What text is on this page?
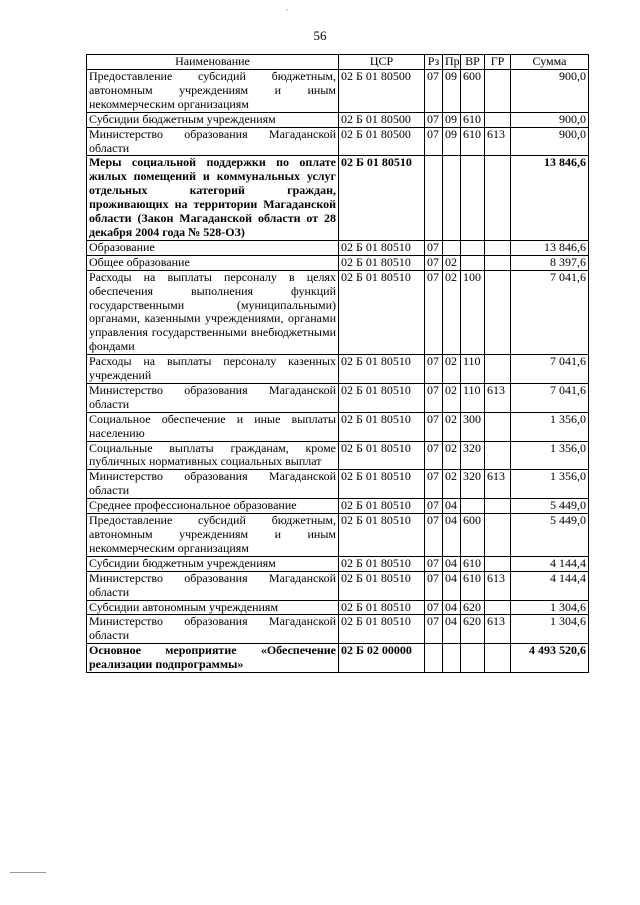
ˋ
56
Наименование	ЦСР	Рз	Пр	ВР	ГР	Сумма
Предоставление субсидий бюджетным, автономным учреждениям и иным некоммерческим организациям	02 Б 01 80500	07	09	600		900,0
Субсидии бюджетным учреждениям	02 Б 01 80500	07	09	610		900,0
Министерство образования Магаданской области	02 Б 01 80500	07	09	610	613	900,0
Меры социальной поддержки по оплате жилых помещений и коммунальных услуг отдельных категорий граждан, проживающих на территории Магаданской области (Закон Магаданской области от 28 декабря 2004 года № 528-ОЗ)	02 Б 01 80510					13 846,6
Образование	02 Б 01 80510	07				13 846,6
Общее образование	02 Б 01 80510	07	02			8 397,6
Расходы на выплаты персоналу в целях обеспечения выполнения функций государственными (муниципальными) органами, казенными учреждениями, органами управления государственными внебюджетными фондами	02 Б 01 80510	07	02	100		7 041,6
Расходы на выплаты персоналу казенных учреждений	02 Б 01 80510	07	02	110		7 041,6
Министерство образования Магаданской области	02 Б 01 80510	07	02	110	613	7 041,6
Социальное обеспечение и иные выплаты населению	02 Б 01 80510	07	02	300		1 356,0
Социальные выплаты гражданам, кроме публичных нормативных социальных выплат	02 Б 01 80510	07	02	320		1 356,0
Министерство образования Магаданской области	02 Б 01 80510	07	02	320	613	1 356,0
Среднее профессиональное образование	02 Б 01 80510	07	04			5 449,0
Предоставление субсидий бюджетным, автономным учреждениям и иным некоммерческим организациям	02 Б 01 80510	07	04	600		5 449,0
Субсидии бюджетным учреждениям	02 Б 01 80510	07	04	610		4 144,4
Министерство образования Магаданской области	02 Б 01 80510	07	04	610	613	4 144,4
Субсидии автономным учреждениям	02 Б 01 80510	07	04	620		1 304,6
Министерство образования Магаданской области	02 Б 01 80510	07	04	620	613	1 304,6
Основное мероприятие «Обеспечение реализации подпрограммы»	02 Б 02 00000					4 493 520,6
